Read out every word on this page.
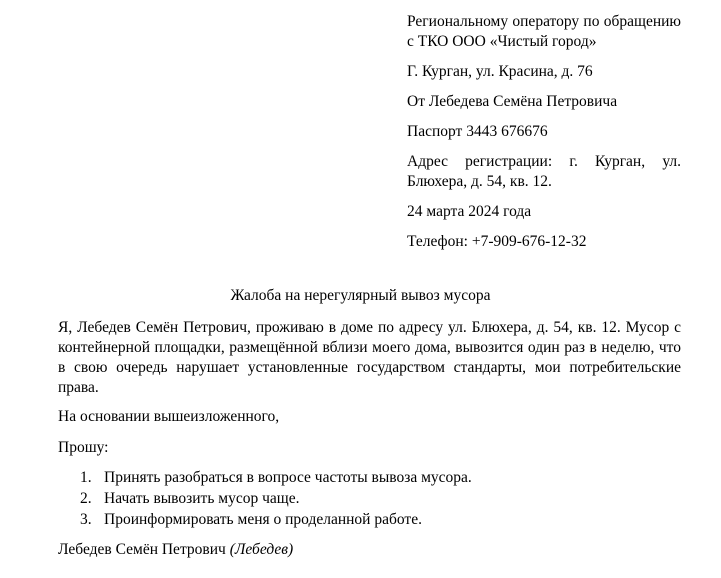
Региональному оператору по обращению с ТКО ООО «Чистый город»

Г. Курган, ул. Красина, д. 76

От Лебедева Семёна Петровича

Паспорт 3443 676676

Адрес регистрации: г. Курган, ул. Блюхера, д. 54, кв. 12.

24 марта 2024 года

Телефон: +7-909-676-12-32

Жалоба на нерегулярный вывоз мусора

Я, Лебедев Семён Петрович, проживаю в доме по адресу ул. Блюхера, д. 54, кв. 12. Мусор с контейнерной площадки, размещённой вблизи моего дома, вывозится один раз в неделю, что в свою очередь нарушает установленные государством стандарты, мои потребительские права.

На основании вышеизложенного,

Прошу:

1. Принять разобраться в вопросе частоты вывоза мусора.
2. Начать вывозить мусор чаще.
3. Проинформировать меня о проделанной работе.

Лебедев Семён Петрович (Лебедев)
